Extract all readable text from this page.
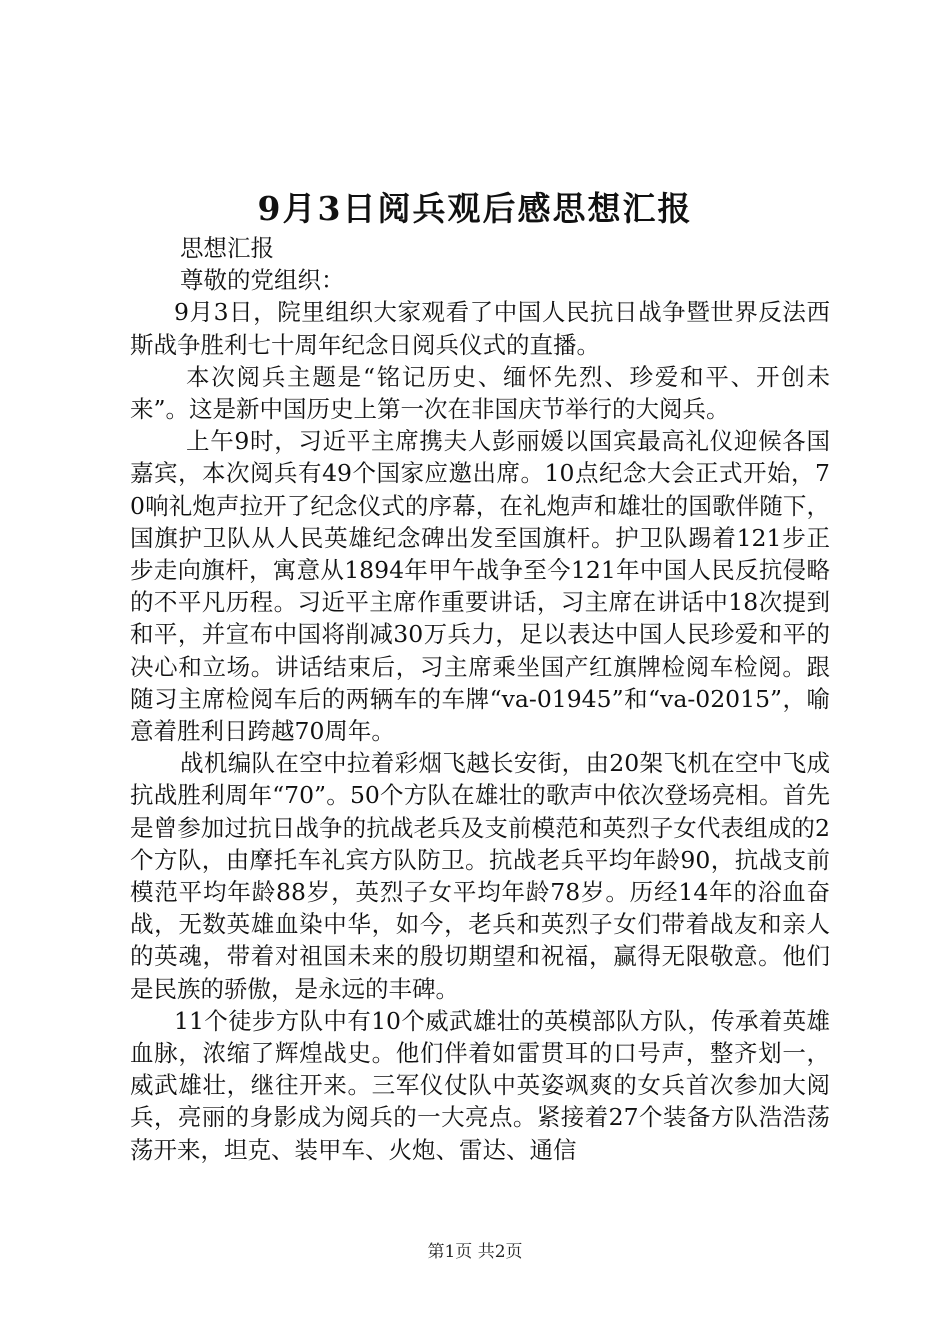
9月3日阅兵观后感思想汇报

思想汇报

尊敬的党组织：

9月3日，院里组织大家观看了中国人民抗日战争暨世界反法西斯战争胜利七十周年纪念日阅兵仪式的直播。

本次阅兵主题是“铭记历史、缅怀先烈、珍爱和平、开创未来”。这是新中国历史上第一次在非国庆节举行的大阅兵。

上午9时，习近平主席携夫人彭丽媛以国宾最高礼仪迎候各国嘉宾，本次阅兵有49个国家应邀出席。10点纪念大会正式开始，70响礼炮声拉开了纪念仪式的序幕，在礼炮声和雄壮的国歌伴随下，国旗护卫队从人民英雄纪念碑出发至国旗杆。护卫队踢着121步正步走向旗杆，寓意从1894年甲午战争至今121年中国人民反抗侵略的不平凡历程。习近平主席作重要讲话，习主席在讲话中18次提到和平，并宣布中国将削减30万兵力，足以表达中国人民珍爱和平的决心和立场。讲话结束后，习主席乘坐国产红旗牌检阅车检阅。跟随习主席检阅车后的两辆车的车牌“va-01945”和“va-02015”，喻意着胜利日跨越70周年。

战机编队在空中拉着彩烟飞越长安街，由20架飞机在空中飞成抗战胜利周年“70”。50个方队在雄壮的歌声中依次登场亮相。首先是曾参加过抗日战争的抗战老兵及支前模范和英烈子女代表组成的2个方队，由摩托车礼宾方队防卫。抗战老兵平均年龄90，抗战支前模范平均年龄88岁，英烈子女平均年龄78岁。历经14年的浴血奋战，无数英雄血染中华，如今，老兵和英烈子女们带着战友和亲人的英魂，带着对祖国未来的殷切期望和祝福，赢得无限敬意。他们是民族的骄傲，是永远的丰碑。

11个徒步方队中有10个威武雄壮的英模部队方队，传承着英雄血脉，浓缩了辉煌战史。他们伴着如雷贯耳的口号声，整齐划一，威武雄壮，继往开来。三军仪仗队中英姿飒爽的女兵首次参加大阅兵，亮丽的身影成为阅兵的一大亮点。紧接着27个装备方队浩浩荡荡开来，坦克、装甲车、火炮、雷达、通信

第1页 共2页
